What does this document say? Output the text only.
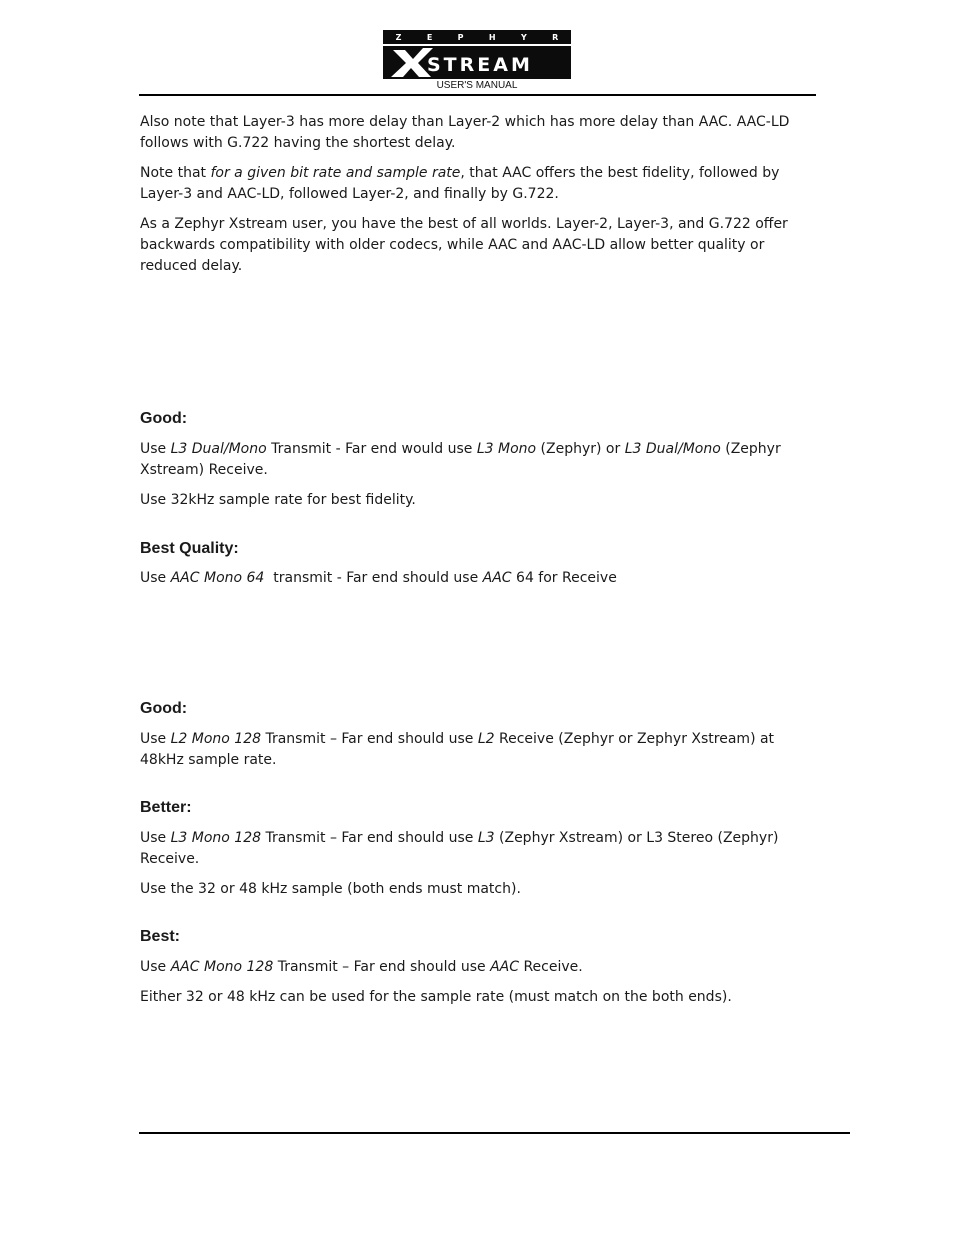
Z	E	P	H	Y	R
STREAM
USER'S MANUAL

Also note that Layer-3 has more delay than Layer-2 which has more delay than AAC. AAC-LD follows with G.722 having the shortest delay.

Note that for a given bit rate and sample rate, that AAC offers the best fidelity, followed by Layer-3 and AAC-LD, followed Layer-2, and finally by G.722.

As a Zephyr Xstream user, you have the best of all worlds. Layer-2, Layer-3, and G.722 offer backwards compatibility with older codecs, while AAC and AAC-LD allow better quality or reduced delay.

Good:

Use L3 Dual/Mono Transmit - Far end would use L3 Mono (Zephyr) or L3 Dual/Mono (Zephyr Xstream) Receive.

Use 32kHz sample rate for best fidelity.

Best Quality:

Use AAC Mono 64  transmit - Far end should use AAC 64 for Receive

Good:

Use L2 Mono 128 Transmit – Far end should use L2 Receive (Zephyr or Zephyr Xstream) at 48kHz sample rate.

Better:

Use L3 Mono 128 Transmit – Far end should use L3 (Zephyr Xstream) or L3 Stereo (Zephyr) Receive.

Use the 32 or 48 kHz sample (both ends must match).

Best:

Use AAC Mono 128 Transmit – Far end should use AAC Receive.

Either 32 or 48 kHz can be used for the sample rate (must match on the both ends).
